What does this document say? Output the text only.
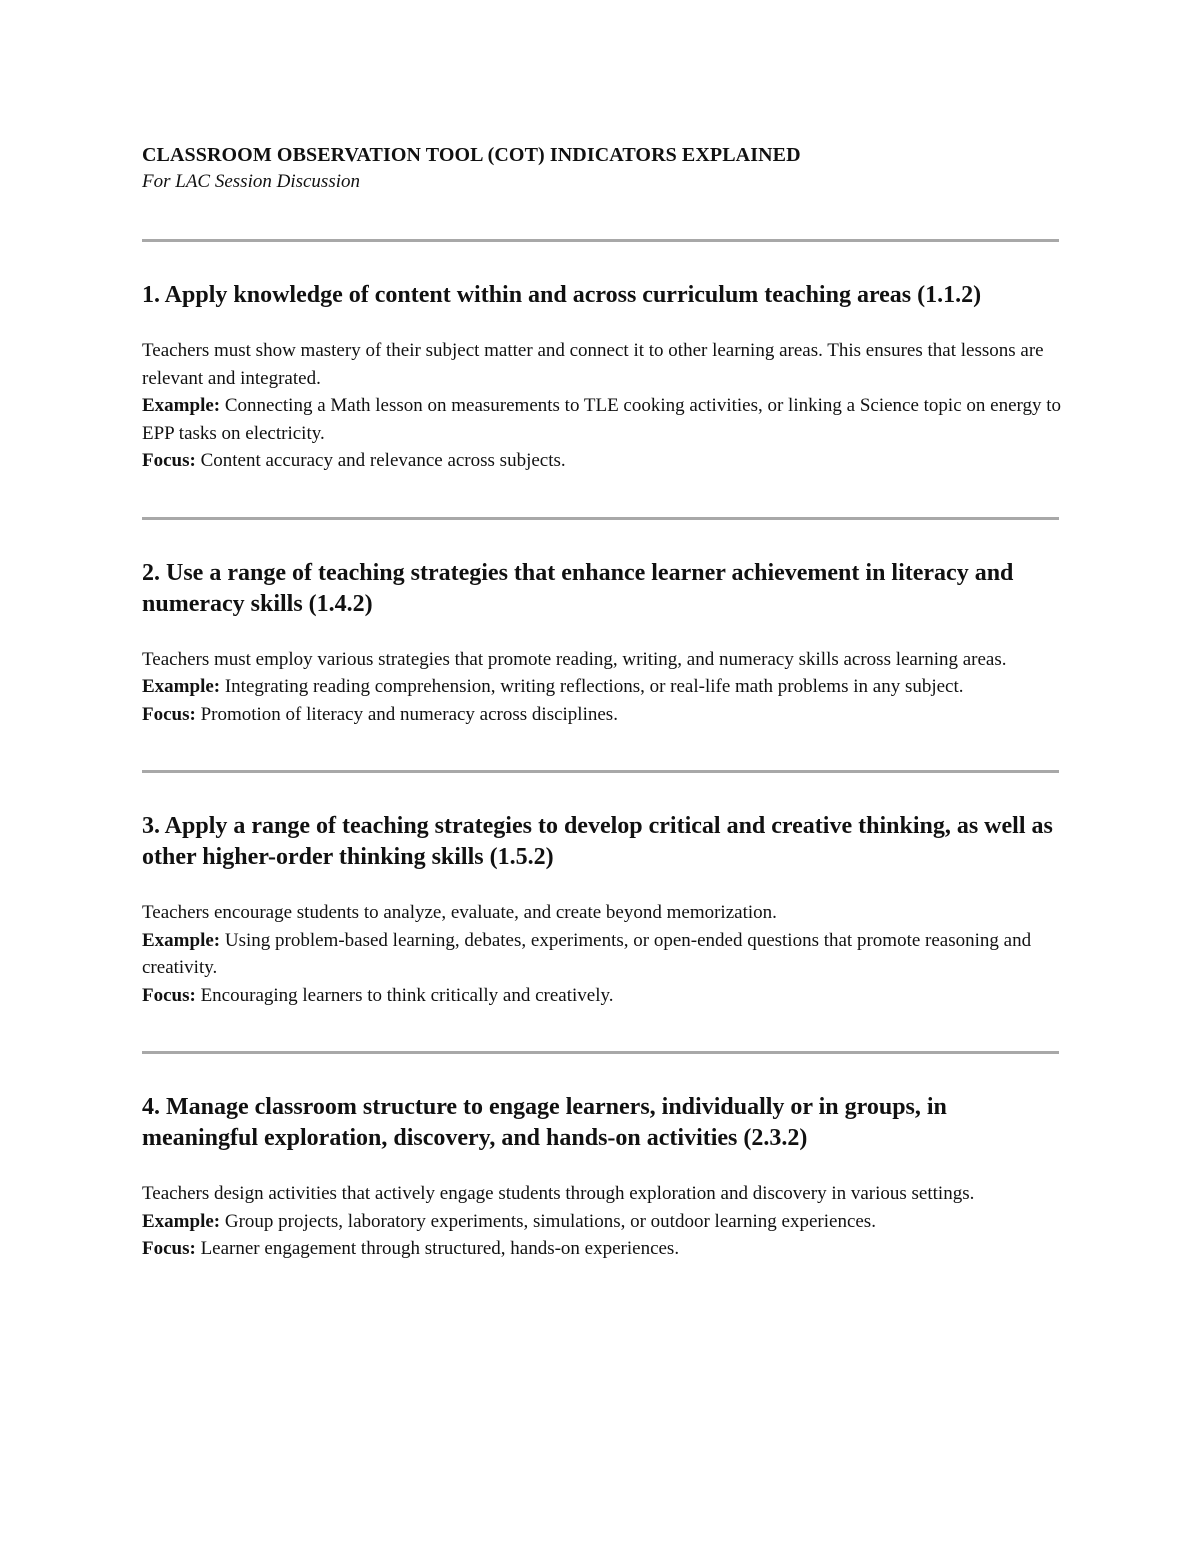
CLASSROOM OBSERVATION TOOL (COT) INDICATORS EXPLAINED
For LAC Session Discussion
1. Apply knowledge of content within and across curriculum teaching areas (1.1.2)

Teachers must show mastery of their subject matter and connect it to other learning areas. This ensures that lessons are relevant and integrated.

Example: Connecting a Math lesson on measurements to TLE cooking activities, or linking a Science topic on energy to EPP tasks on electricity.

Focus: Content accuracy and relevance across subjects.

2. Use a range of teaching strategies that enhance learner achievement in literacy and numeracy skills (1.4.2)

Teachers must employ various strategies that promote reading, writing, and numeracy skills across learning areas.

Example: Integrating reading comprehension, writing reflections, or real-life math problems in any subject.

Focus: Promotion of literacy and numeracy across disciplines.

3. Apply a range of teaching strategies to develop critical and creative thinking, as well as other higher-order thinking skills (1.5.2)

Teachers encourage students to analyze, evaluate, and create beyond memorization.

Example: Using problem-based learning, debates, experiments, or open-ended questions that promote reasoning and creativity.

Focus: Encouraging learners to think critically and creatively.

4. Manage classroom structure to engage learners, individually or in groups, in meaningful exploration, discovery, and hands-on activities (2.3.2)

Teachers design activities that actively engage students through exploration and discovery in various settings.

Example: Group projects, laboratory experiments, simulations, or outdoor learning experiences.

Focus: Learner engagement through structured, hands-on experiences.
